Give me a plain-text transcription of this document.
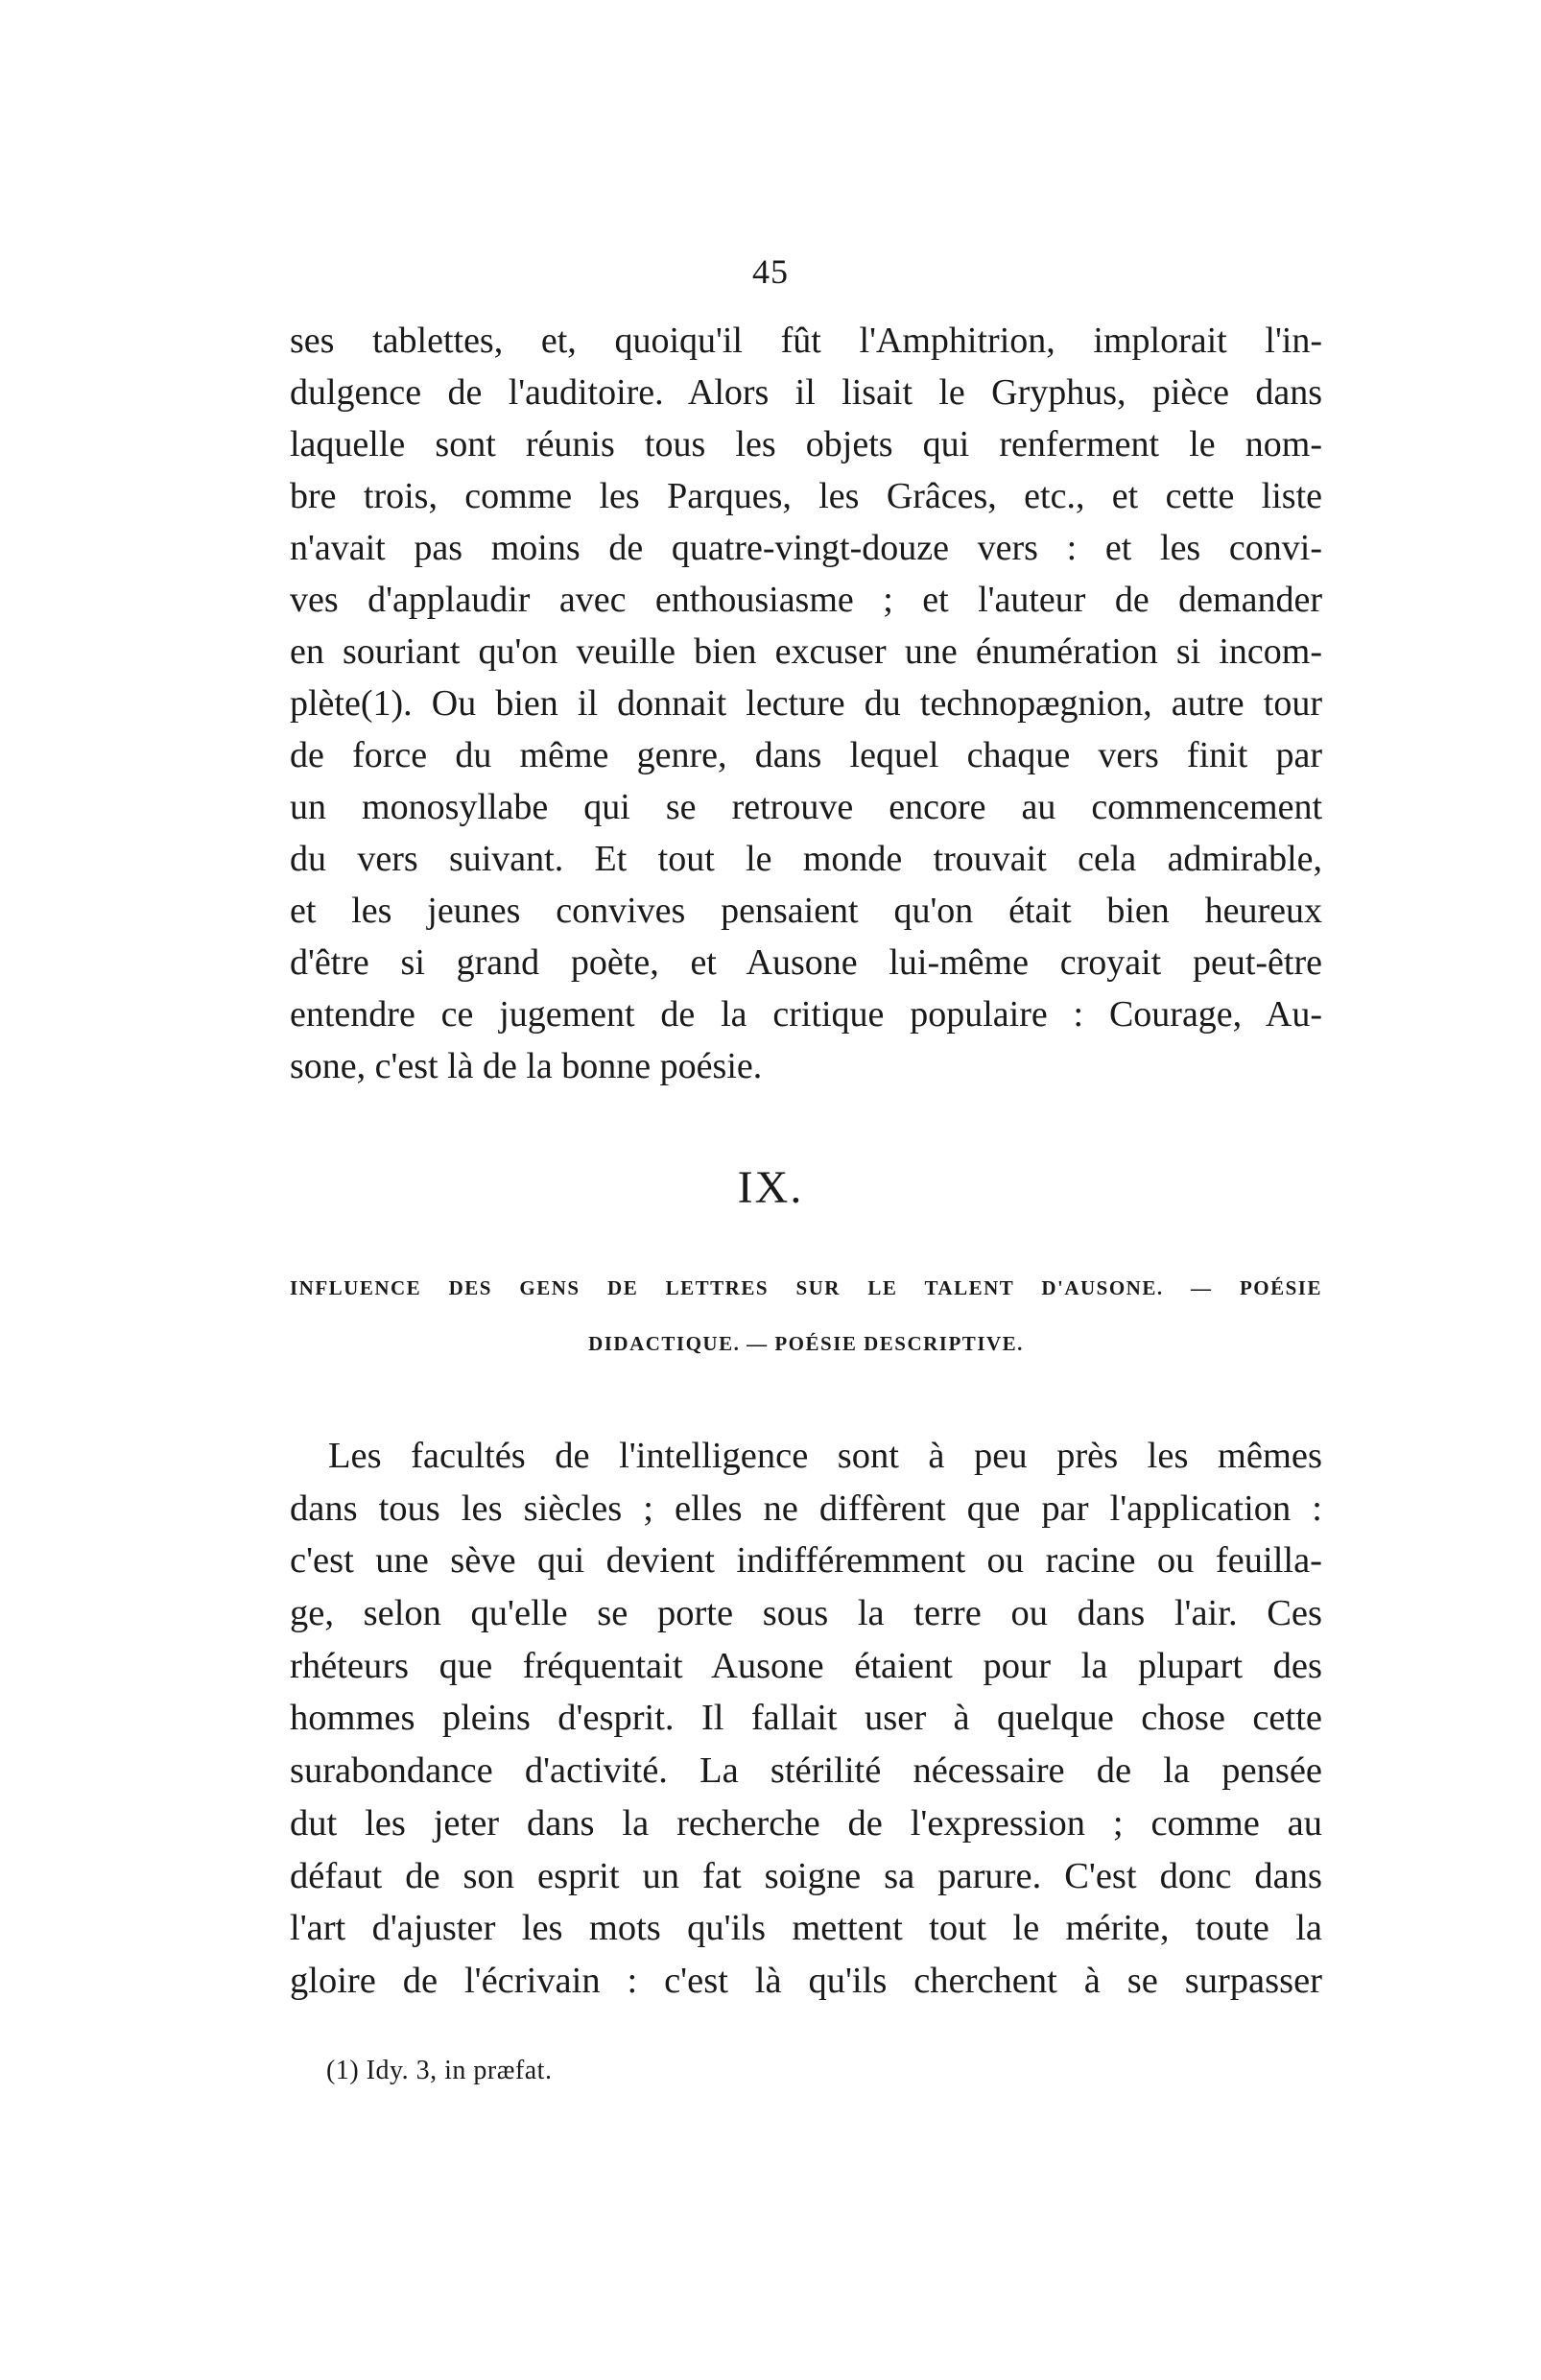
45
ses tablettes, et, quoiqu'il fût l'Amphitrion, implorait l'in-
dulgence de l'auditoire. Alors il lisait le Gryphus, pièce dans
laquelle sont réunis tous les objets qui renferment le nom-
bre trois, comme les Parques, les Grâces, etc., et cette liste
n'avait pas moins de quatre-vingt-douze vers : et les convi-
ves d'applaudir avec enthousiasme ; et l'auteur de demander
en souriant qu'on veuille bien excuser une énumération si incom-
plète(1). Ou bien il donnait lecture du technopægnion, autre tour
de force du même genre, dans lequel chaque vers finit par
un monosyllabe qui se retrouve encore au commencement
du vers suivant. Et tout le monde trouvait cela admirable,
et les jeunes convives pensaient qu'on était bien heureux
d'être si grand poète, et Ausone lui-même croyait peut-être
entendre ce jugement de la critique populaire : Courage, Au-
sone, c'est là de la bonne poésie.
IX.
INFLUENCE DES GENS DE LETTRES SUR LE TALENT D'AUSONE. — POÉSIE
DIDACTIQUE. — POÉSIE DESCRIPTIVE.
Les facultés de l'intelligence sont à peu près les mêmes
dans tous les siècles ; elles ne diffèrent que par l'application :
c'est une sève qui devient indifféremment ou racine ou feuilla-
ge, selon qu'elle se porte sous la terre ou dans l'air. Ces
rhéteurs que fréquentait Ausone étaient pour la plupart des
hommes pleins d'esprit. Il fallait user à quelque chose cette
surabondance d'activité. La stérilité nécessaire de la pensée
dut les jeter dans la recherche de l'expression ; comme au
défaut de son esprit un fat soigne sa parure. C'est donc dans
l'art d'ajuster les mots qu'ils mettent tout le mérite, toute la
gloire de l'écrivain : c'est là qu'ils cherchent à se surpasser
(1) Idy. 3, in præfat.
